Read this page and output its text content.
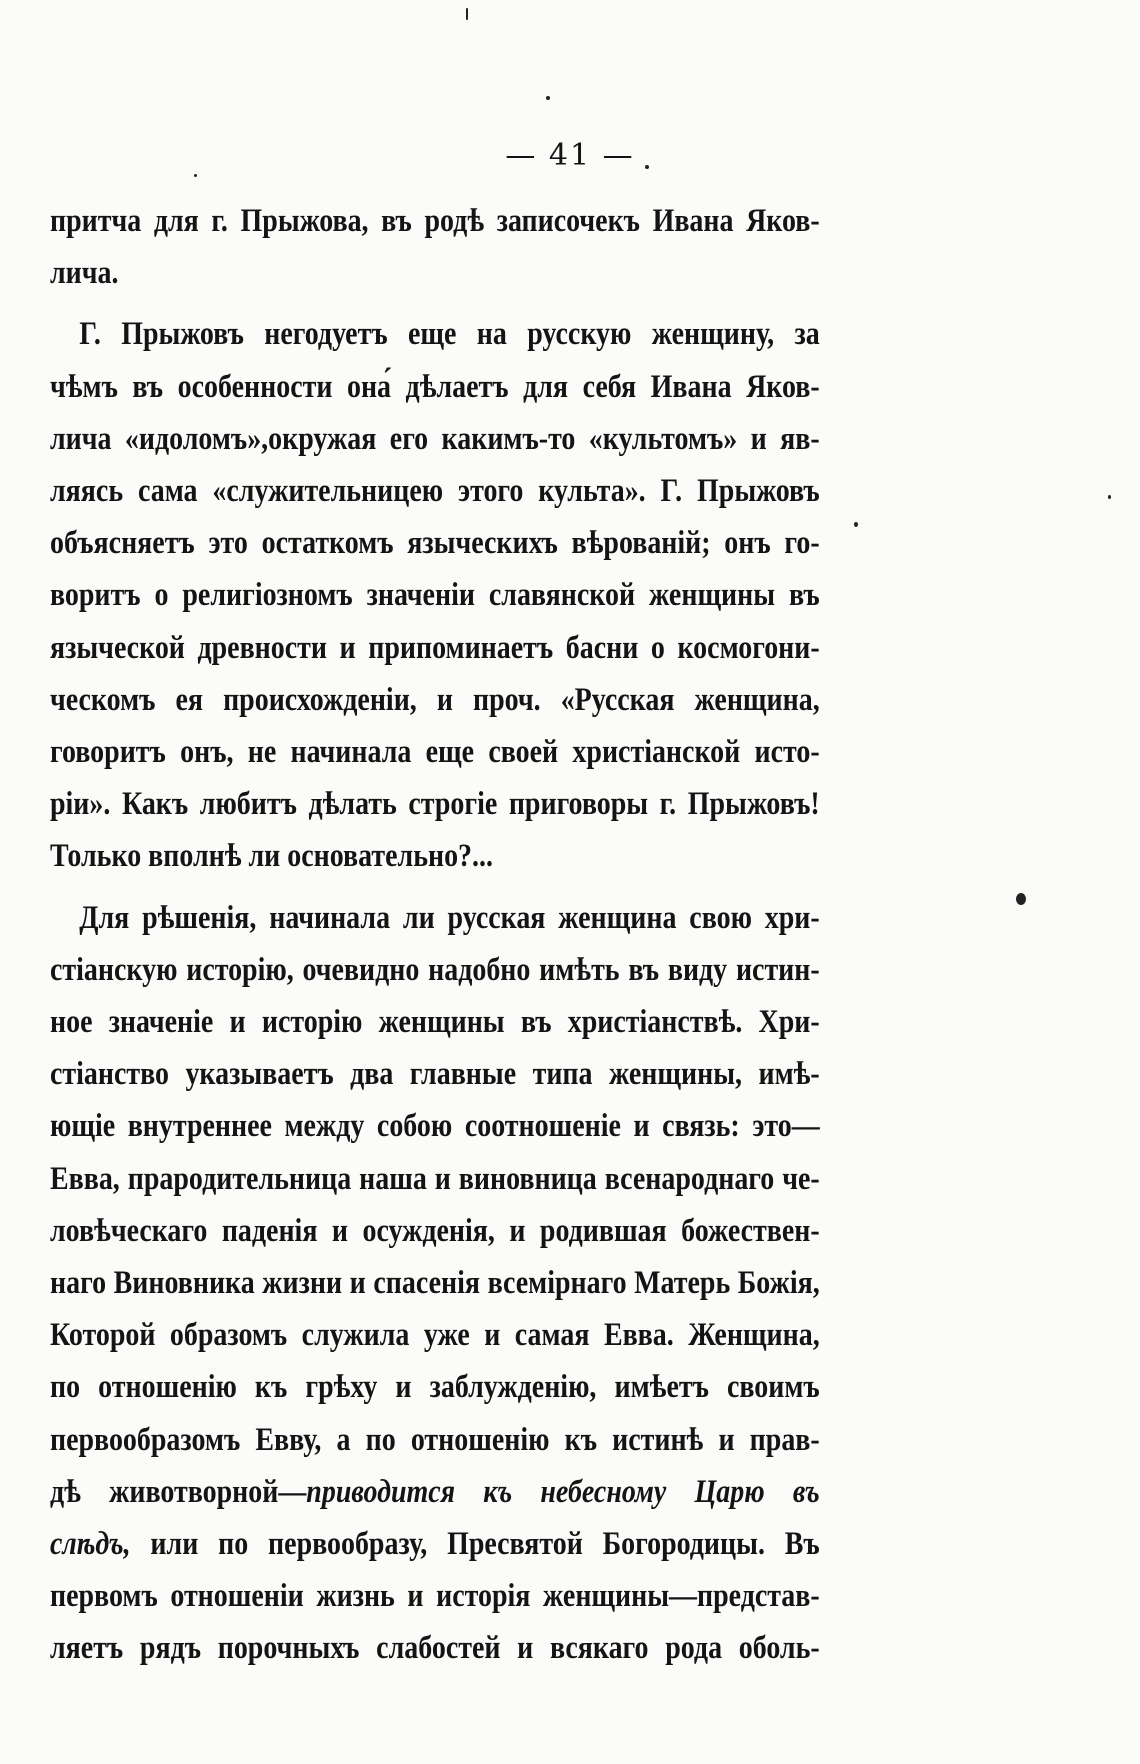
— 41 —
притча для г. Прыжова, въ родѣ записочекъ Ивана Яков-
лича.
Г. Прыжовъ негодуетъ еще на русскую женщину, за
чѣмъ въ особенности она́ дѣлаетъ для себя Ивана Яков-
лича «идоломъ»,окружая его какимъ-то «культомъ» и яв-
ляясь сама «служительницею этого культа». Г. Прыжовъ
объясняетъ это остаткомъ языческихъ вѣрованій; онъ го-
воритъ о религіозномъ значеніи славянской женщины въ
языческой древности и припоминаетъ басни о космогони-
ческомъ ея происхожденіи, и проч. «Русская женщина,
говоритъ онъ, не начинала еще своей христіанской исто-
ріи». Какъ любитъ дѣлать строгіе приговоры г. Прыжовъ!
Только вполнѣ ли основательно?...
Для рѣшенія, начинала ли русская женщина свою хри-
стіанскую исторію, очевидно надобно имѣть въ виду истин-
ное значеніе и исторію женщины въ христіанствѣ. Хри-
стіанство указываетъ два главные типа женщины, имѣ-
ющіе внутреннее между собою соотношеніе и связь: это—
Евва, прародительница наша и виновница всенароднаго че-
ловѣческаго паденія и осужденія, и родившая божествен-
наго Виновника жизни и спасенія всемірнаго Матерь Божія,
Которой образомъ служила уже и самая Евва. Женщина,
по отношенію къ грѣху и заблужденію, имѣетъ своимъ
первообразомъ Евву, а по отношенію къ истинѣ и прав-
дѣ животворной—приводится къ небесному Царю въ
слѣдъ, или по первообразу, Пресвятой Богородицы. Въ
первомъ отношеніи жизнь и исторія женщины—представ-
ляетъ рядъ порочныхъ слабостей и всякаго рода оболь-
